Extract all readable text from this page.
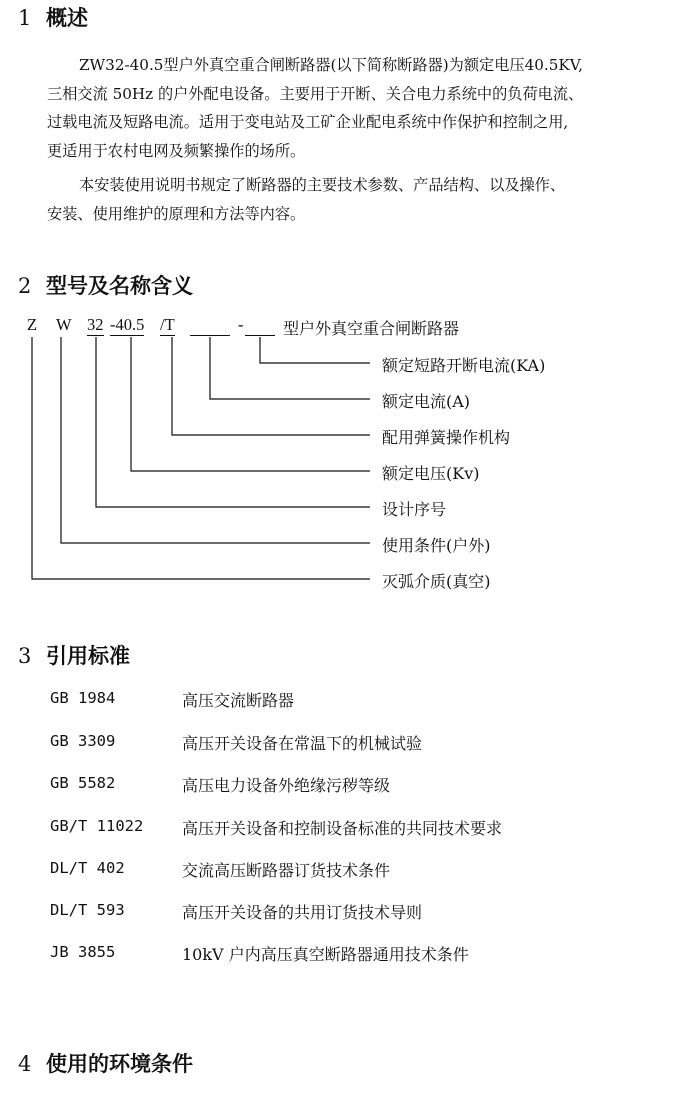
1 概述
ZW32-40.5型户外真空重合闸断路器(以下简称断路器)为额定电压40.5KV,
三相交流 50Hz 的户外配电设备。主要用于开断、关合电力系统中的负荷电流、
过载电流及短路电流。适用于变电站及工矿企业配电系统中作保护和控制之用,
更适用于农村电网及频繁操作的场所。
本安装使用说明书规定了断路器的主要技术参数、产品结构、以及操作、
安装、使用维护的原理和方法等内容。
2 型号及名称含义
Z W 32 -40.5 /T	- 型户外真空重合闸断路器
额定短路开断电流(KA)
额定电流(A)
配用弹簧操作机构
额定电压(Kv)
设计序号
使用条件(户外)
灭弧介质(真空)
3 引用标准
GB 1984	高压交流断路器
GB 3309	高压开关设备在常温下的机械试验
GB 5582	高压电力设备外绝缘污秽等级
GB/T 11022 高压开关设备和控制设备标准的共同技术要求
DL/T 402	交流高压断路器订货技术条件
DL/T 593	高压开关设备的共用订货技术导则
JB 3855	10kV 户内高压真空断路器通用技术条件
4 使用的环境条件
